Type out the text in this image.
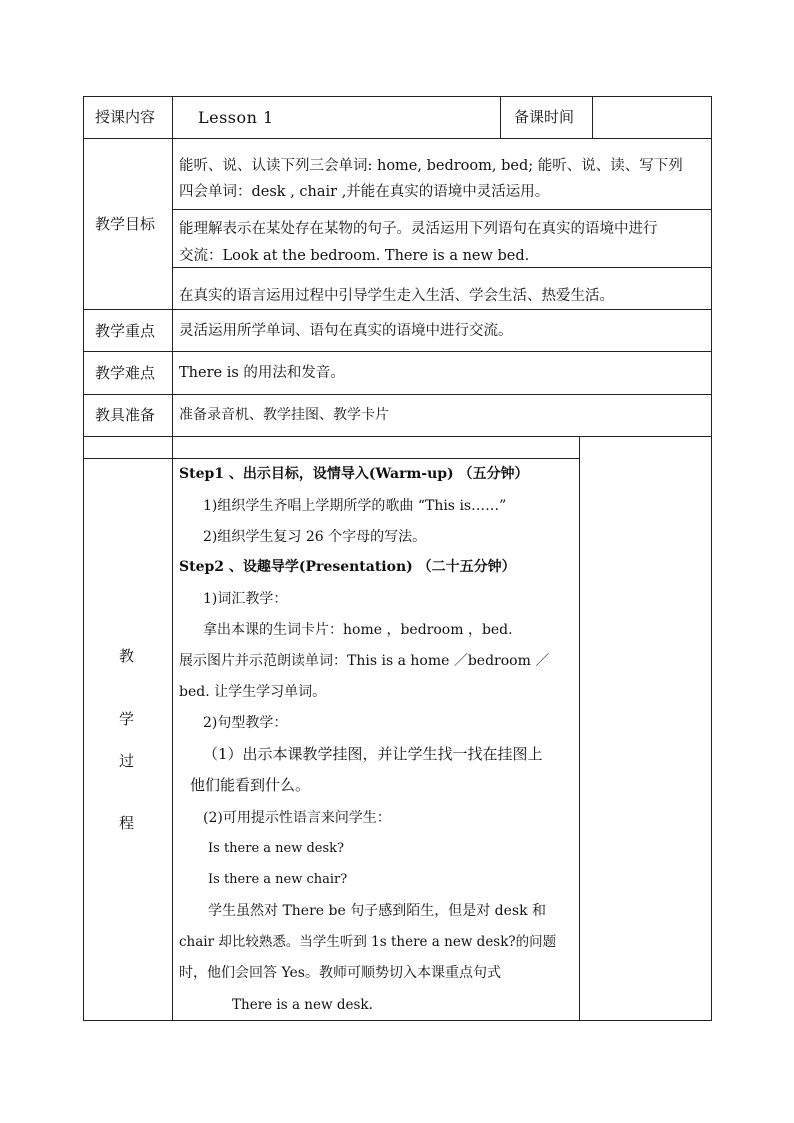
授课内容	Lesson 1	备课时间
教学目标
能听、说、认读下列三会单词: home, bedroom, bed; 能听、说、读、写下列
四会单词：desk , chair ,并能在真实的语境中灵活运用。
能理解表示在某处存在某物的句子。灵活运用下列语句在真实的语境中进行
交流：Look at the bedroom. There is a new bed.
在真实的语言运用过程中引导学生走入生活、学会生活、热爱生活。
教学重点 灵活运用所学单词、语句在真实的语境中进行交流。
教学难点 There is 的用法和发音。
教具准备 准备录音机、教学挂图、教学卡片
教
学
过
程
Step1 、出示目标，设情导入(Warm-up) （五分钟）
1)组织学生齐唱上学期所学的歌曲 “This is……”
2)组织学生复习 26 个字母的写法。
Step2 、设趣导学(Presentation) （二十五分钟）
1)词汇教学：
拿出本课的生词卡片：home ，bedroom ，bed.
展示图片并示范朗读单词：This is a home ／bedroom ／
bed. 让学生学习单词。
2)句型教学：
（1）出示本课教学挂图，并让学生找一找在挂图上
他们能看到什么。
(2)可用提示性语言来问学生：
Is there a new desk?
Is there a new chair?
学生虽然对 There be 句子感到陌生，但是对 desk 和
chair 却比较熟悉。当学生听到 1s there a new desk?的问题
时，他们会回答 Yes。教师可顺势切入本课重点句式
There is a new desk.
